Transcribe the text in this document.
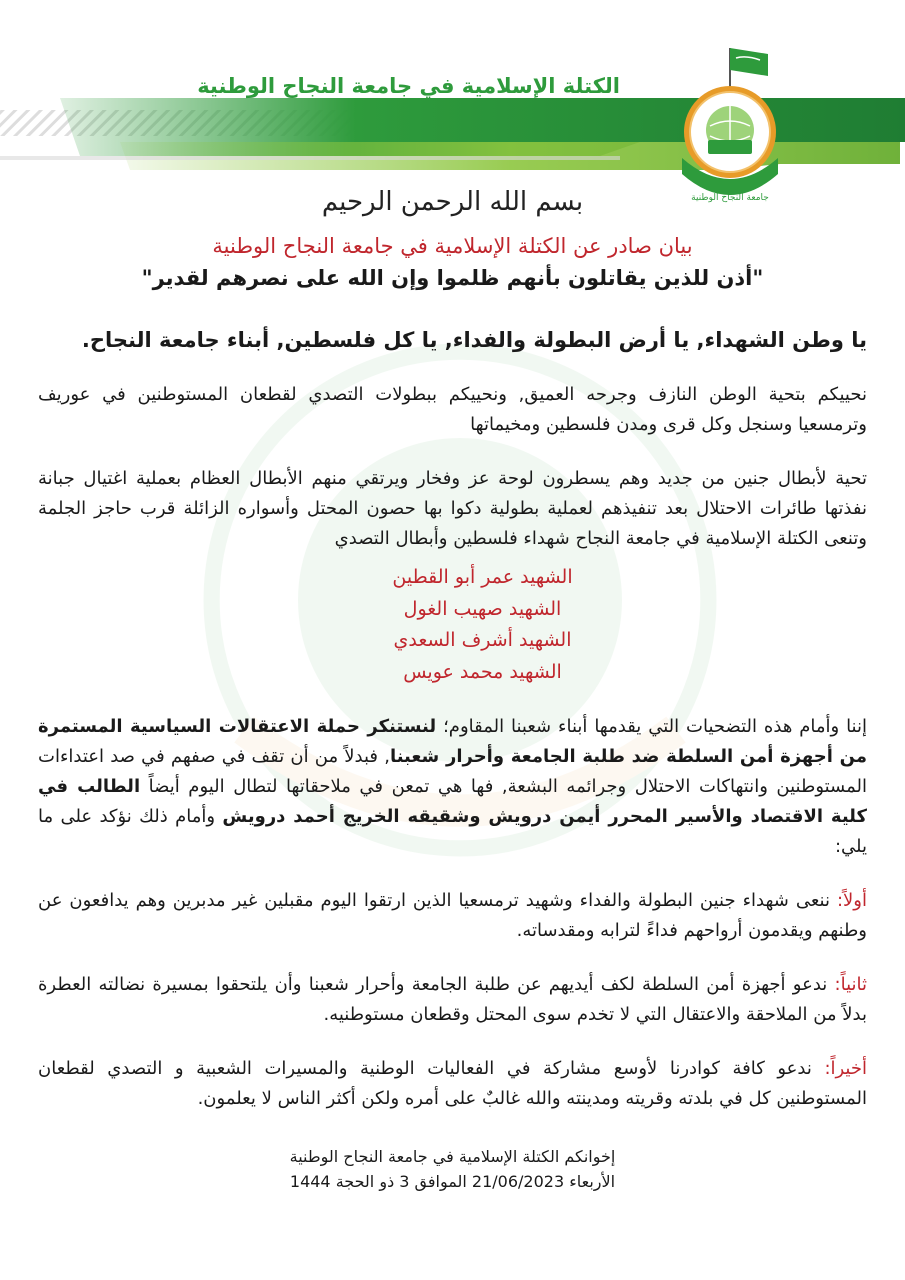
الكتلة الإسلامية في جامعة النجاح الوطنية
جامعة النجاح الوطنية
بسم الله الرحمن الرحيم
بيان صادر عن الكتلة الإسلامية في جامعة النجاح الوطنية
"أذن للذين يقاتلون بأنهم ظلموا وإن الله على نصرهم لقدير"
يا وطن الشهداء, يا أرض البطولة والفداء, يا كل فلسطين, أبناء جامعة النجاح.

نحييكم بتحية الوطن النازف وجرحه العميق, ونحييكم ببطولات التصدي لقطعان المستوطنين في عوريف وترمسعيا وسنجل وكل قرى ومدن فلسطين ومخيماتها

تحية لأبطال جنين من جديد وهم يسطرون لوحة عز وفخار ويرتقي منهم الأبطال العظام بعملية اغتيال جبانة نفذتها طائرات الاحتلال بعد تنفيذهم لعملية بطولية دكوا بها حصون المحتل وأسواره الزائلة قرب حاجز الجلمة وتنعى الكتلة الإسلامية في جامعة النجاح شهداء فلسطين وأبطال التصدي

الشهيد عمر أبو القطين
الشهيد صهيب الغول
الشهيد أشرف السعدي
الشهيد محمد عويس

إننا وأمام هذه التضحيات التي يقدمها أبناء شعبنا المقاوم؛ لنستنكر حملة الاعتقالات السياسية المستمرة من أجهزة أمن السلطة ضد طلبة الجامعة وأحرار شعبنا, فبدلاً من أن تقف في صفهم في صد اعتداءات المستوطنين وانتهاكات الاحتلال وجرائمه البشعة, فها هي تمعن في ملاحقاتها لتطال اليوم أيضاً الطالب في كلية الاقتصاد والأسير المحرر أيمن درويش وشقيقه الخريج أحمد درويش وأمام ذلك نؤكد على ما يلي:

أولاً: ننعى شهداء جنين البطولة والفداء وشهيد ترمسعيا الذين ارتقوا اليوم مقبلين غير مدبرين وهم يدافعون عن وطنهم ويقدمون أرواحهم فداءً لترابه ومقدساته.

ثانياً: ندعو أجهزة أمن السلطة لكف أيديهم عن طلبة الجامعة وأحرار شعبنا وأن يلتحقوا بمسيرة نضالته العطرة بدلاً من الملاحقة والاعتقال التي لا تخدم سوى المحتل وقطعان مستوطنيه.

أخيراً: ندعو كافة كوادرنا لأوسع مشاركة في الفعاليات الوطنية والمسيرات الشعبية و التصدي لقطعان المستوطنين كل في بلدته وقريته ومدينته والله غالبٌ على أمره ولكن أكثر الناس لا يعلمون.

إخوانكم الكتلة الإسلامية في جامعة النجاح الوطنية
الأربعاء 21/06/2023 الموافق 3 ذو الحجة 1444
